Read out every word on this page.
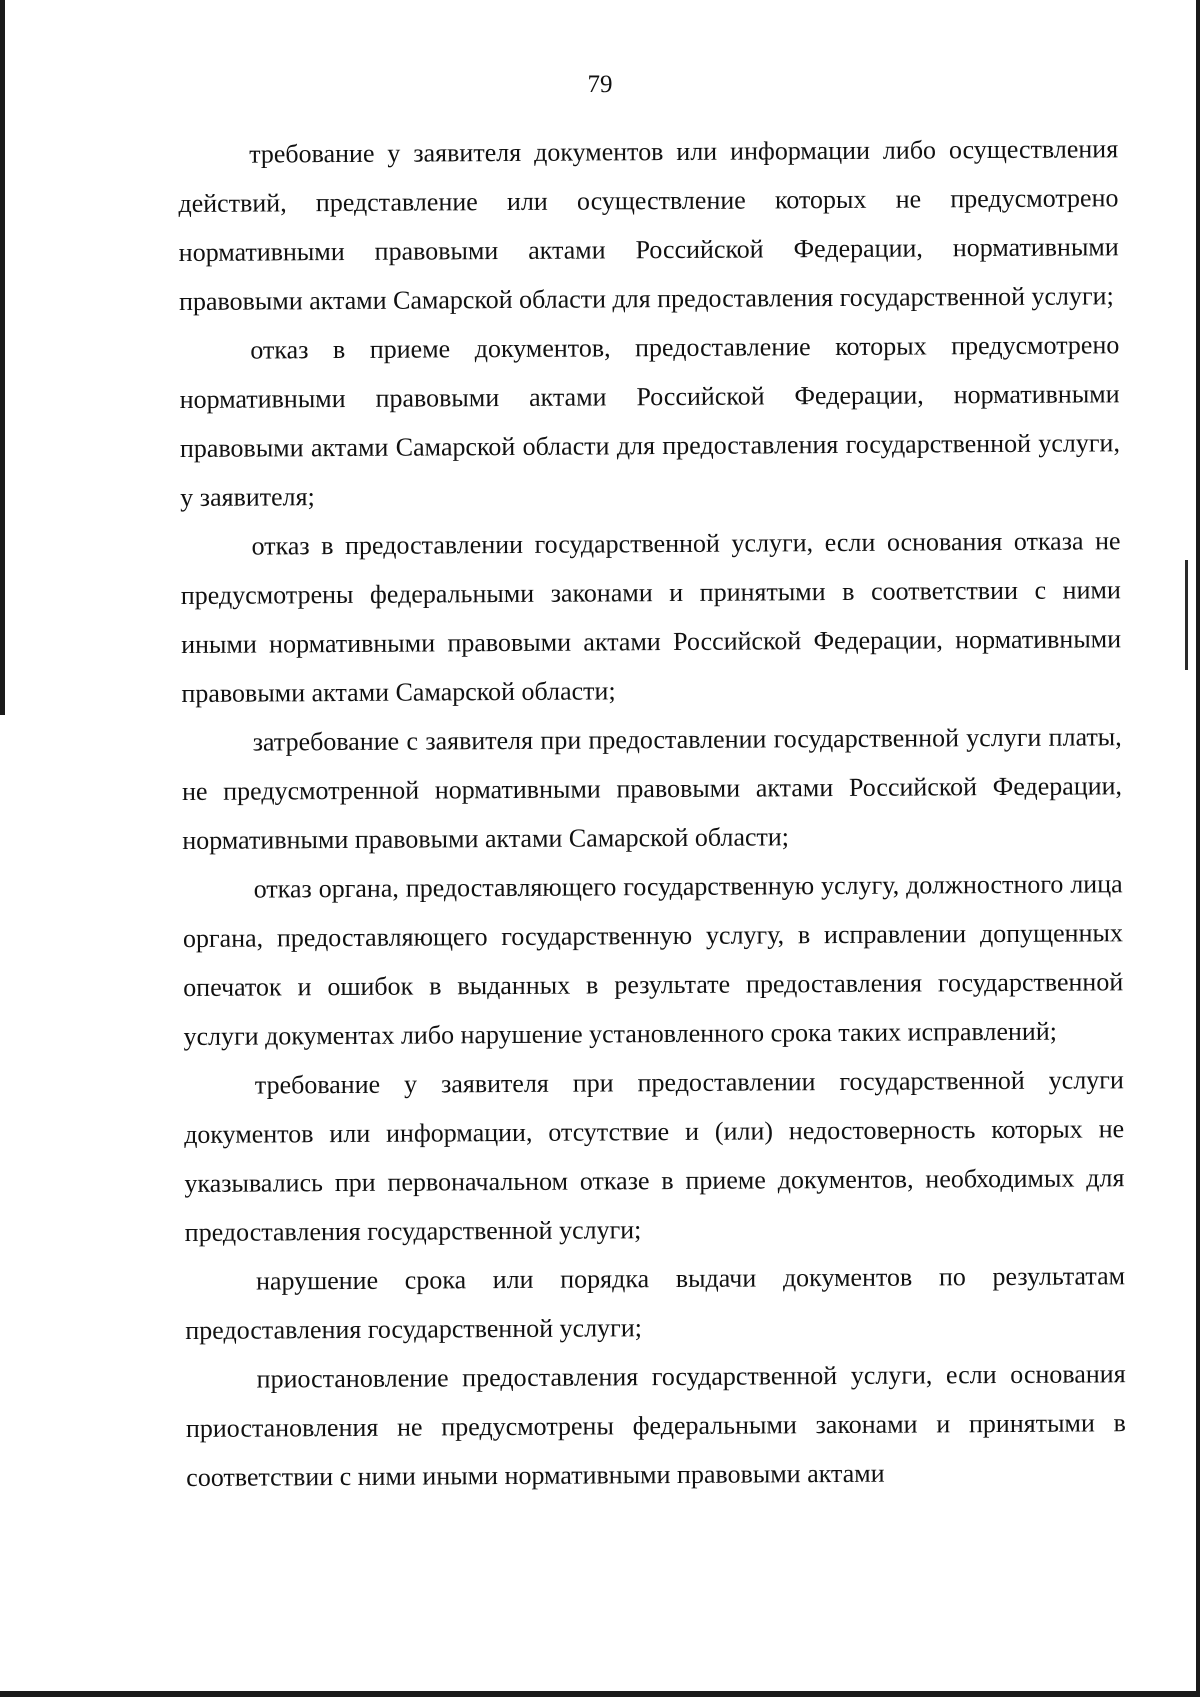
79

требование у заявителя документов или информации либо осуществления действий, представление или осуществление которых не предусмотрено нормативными правовыми актами Российской Федерации, нормативными правовыми актами Самарской области для предоставления государственной услуги;

отказ в приеме документов, предоставление которых предусмотрено нормативными правовыми актами Российской Федерации, нормативными правовыми актами Самарской области для предоставления государственной услуги, у заявителя;

отказ в предоставлении государственной услуги, если основания отказа не предусмотрены федеральными законами и принятыми в соответствии с ними иными нормативными правовыми актами Российской Федерации, нормативными правовыми актами Самарской области;

затребование с заявителя при предоставлении государственной услуги платы, не предусмотренной нормативными правовыми актами Российской Федерации, нормативными правовыми актами Самарской области;

отказ органа, предоставляющего государственную услугу, должностного лица органа, предоставляющего государственную услугу, в исправлении допущенных опечаток и ошибок в выданных в результате предоставления государственной услуги документах либо нарушение установленного срока таких исправлений;

требование у заявителя при предоставлении государственной услуги документов или информации, отсутствие и (или) недостоверность которых не указывались при первоначальном отказе в приеме документов, необходимых для предоставления государственной услуги;

нарушение срока или порядка выдачи документов по результатам предоставления государственной услуги;

приостановление предоставления государственной услуги, если основания приостановления не предусмотрены федеральными законами и принятыми в соответствии с ними иными нормативными правовыми актами
